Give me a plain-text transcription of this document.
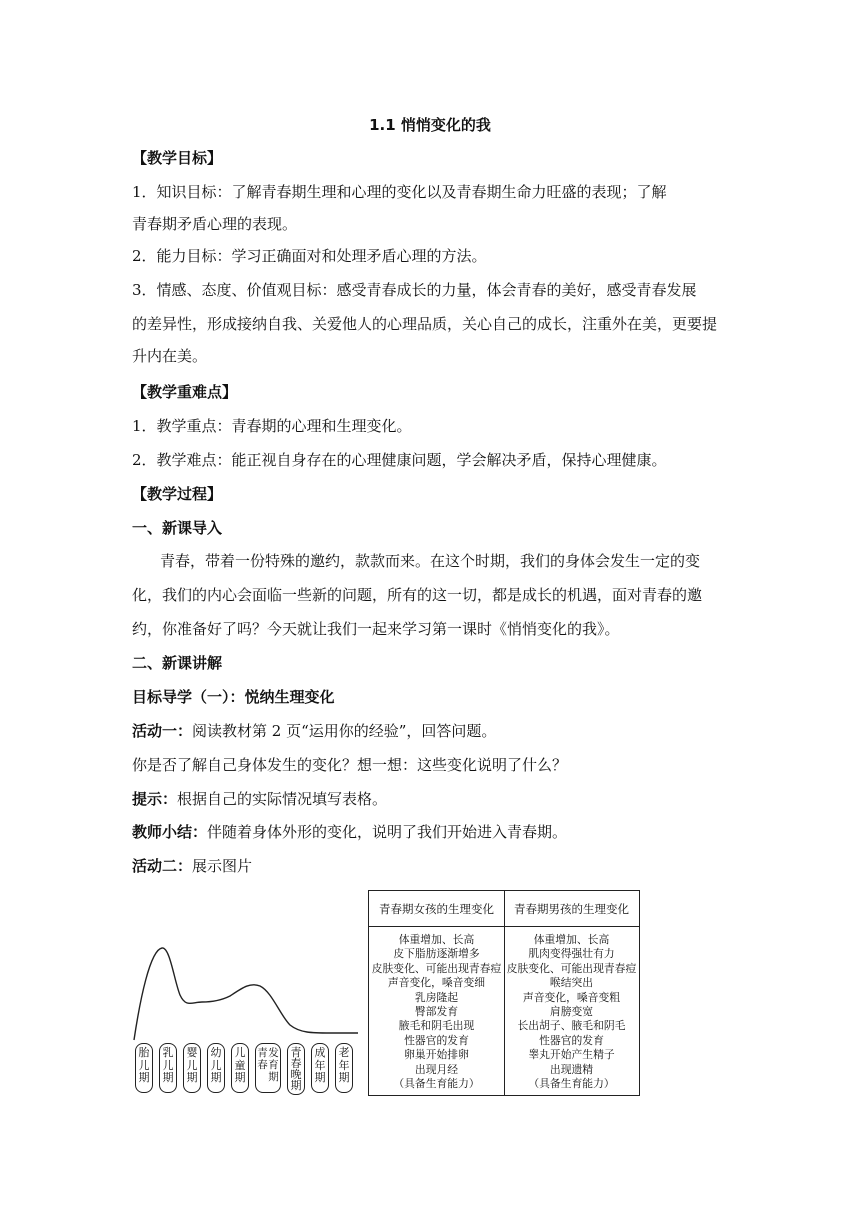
1.1 悄悄变化的我
【教学目标】
1．知识目标：了解青春期生理和心理的变化以及青春期生命力旺盛的表现；了解
青春期矛盾心理的表现。
2．能力目标：学习正确面对和处理矛盾心理的方法。
3．情感、态度、价值观目标：感受青春成长的力量，体会青春的美好，感受青春发展
的差异性，形成接纳自我、关爱他人的心理品质，关心自己的成长，注重外在美，更要提
升内在美。
【教学重难点】
1．教学重点：青春期的心理和生理变化。
2．教学难点：能正视自身存在的心理健康问题，学会解决矛盾，保持心理健康。
【教学过程】
一、新课导入
青春，带着一份特殊的邀约，款款而来。在这个时期，我们的身体会发生一定的变
化，我们的内心会面临一些新的问题，所有的这一切，都是成长的机遇，面对青春的邀
约，你准备好了吗？今天就让我们一起来学习第一课时《悄悄变化的我》。
二、新课讲解
目标导学（一）：悦纳生理变化
活动一：阅读教材第 2 页“运用你的经验”，回答问题。
你是否了解自己身体发生的变化？想一想：这些变化说明了什么？
提示：根据自己的实际情况填写表格。
教师小结：伴随着身体外形的变化，说明了我们开始进入青春期。
活动二：展示图片
胎
儿
期
乳
儿
期
婴
儿
期
幼
儿
期
儿
童
期
青春
发
育
期
青
春
晚
期
成
年
期
老
年
期
青春期女孩的生理变化	青春期男孩的生理变化
体重增加、长高
皮下脂肪逐渐增多
皮肤变化、可能出现青春痘
声音变化，嗓音变细
乳房隆起
臀部发育
腋毛和阴毛出现
性器官的发育
卵巢开始排卵
出现月经
（具备生育能力）
体重增加、长高
肌肉变得强壮有力
皮肤变化、可能出现青春痘
喉结突出
声音变化，嗓音变粗
肩膀变宽
长出胡子、腋毛和阴毛
性器官的发育
睾丸开始产生精子
出现遗精
（具备生育能力）
